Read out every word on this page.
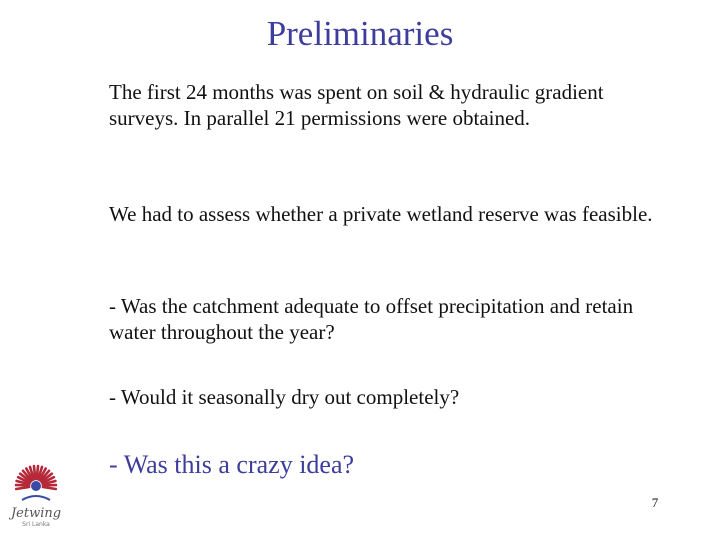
Preliminaries

The first 24 months was spent on soil & hydraulic gradient surveys. In parallel 21 permissions were obtained.

We had to assess whether a private wetland reserve was feasible.

- Was the catchment adequate to offset precipitation and retain water throughout the year?

- Would it seasonally dry out completely?

- Was this a crazy idea?

Jetwing
Sri Lanka
7
